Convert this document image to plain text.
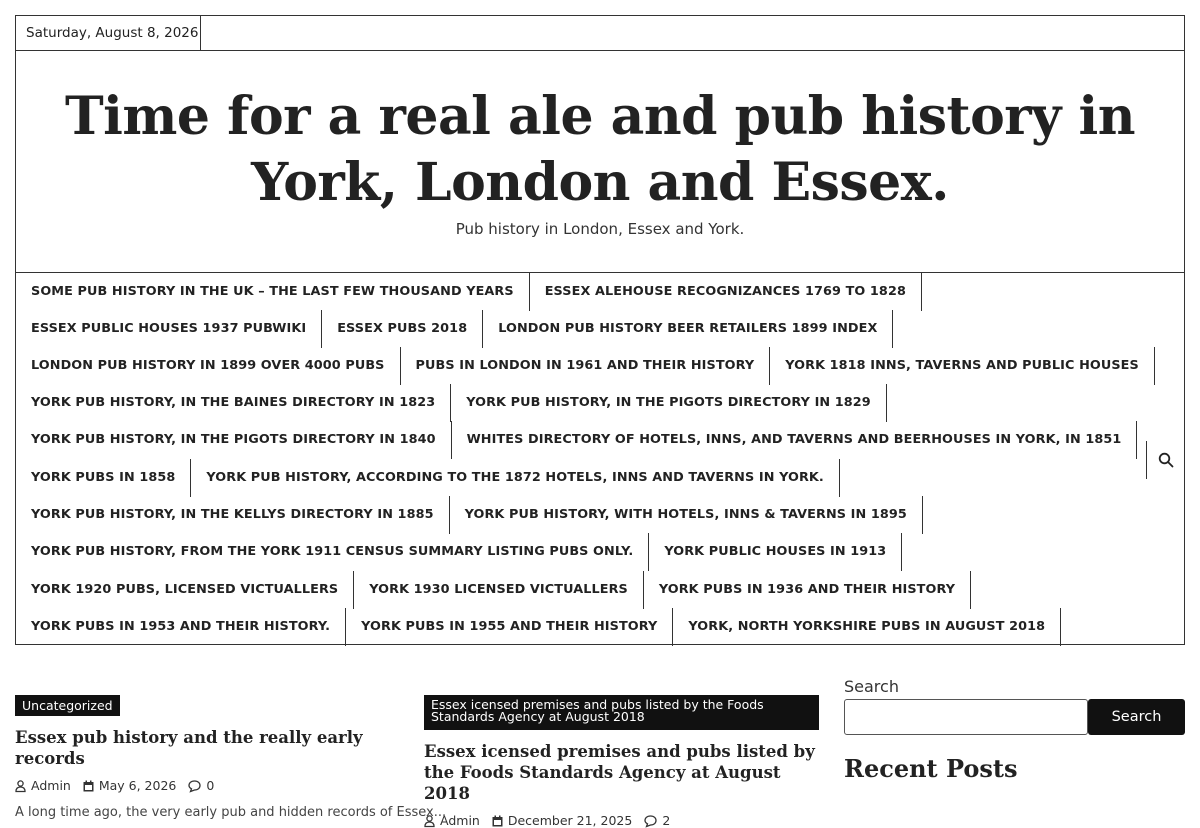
Saturday, August 8, 2026
Time for a real ale and pub history in York, London and Essex.
Pub history in London, Essex and York.
SOME PUB HISTORY IN THE UK – THE LAST FEW THOUSAND YEARS	ESSEX ALEHOUSE RECOGNIZANCES 1769 TO 1828
ESSEX PUBLIC HOUSES 1937 PUBWIKI	ESSEX PUBS 2018	LONDON PUB HISTORY BEER RETAILERS 1899 INDEX
LONDON PUB HISTORY IN 1899 OVER 4000 PUBS	PUBS IN LONDON IN 1961 AND THEIR HISTORY	YORK 1818 INNS, TAVERNS AND PUBLIC HOUSES
YORK PUB HISTORY, IN THE BAINES DIRECTORY IN 1823	YORK PUB HISTORY, IN THE PIGOTS DIRECTORY IN 1829
YORK PUB HISTORY, IN THE PIGOTS DIRECTORY IN 1840	WHITES DIRECTORY OF HOTELS, INNS, AND TAVERNS AND BEERHOUSES IN YORK, IN 1851
YORK PUBS IN 1858	YORK PUB HISTORY, ACCORDING TO THE 1872 HOTELS, INNS AND TAVERNS IN YORK.
YORK PUB HISTORY, IN THE KELLYS DIRECTORY IN 1885	YORK PUB HISTORY, WITH HOTELS, INNS & TAVERNS IN 1895
YORK PUB HISTORY, FROM THE YORK 1911 CENSUS SUMMARY LISTING PUBS ONLY.	YORK PUBLIC HOUSES IN 1913
YORK 1920 PUBS, LICENSED VICTUALLERS	YORK 1930 LICENSED VICTUALLERS	YORK PUBS IN 1936 AND THEIR HISTORY
YORK PUBS IN 1953 AND THEIR HISTORY.	YORK PUBS IN 1955 AND THEIR HISTORY	YORK, NORTH YORKSHIRE PUBS IN AUGUST 2018
Uncategorized
Essex pub history and the really early records
Admin May 6, 2026 0
A long time ago, the very early pub and hidden records of Essex...
Essex icensed premises and pubs listed by the Foods Standards Agency at August 2018
Essex icensed premises and pubs listed by the Foods Standards Agency at August 2018
Admin December 21, 2025 2
Search
Search
Recent Posts
